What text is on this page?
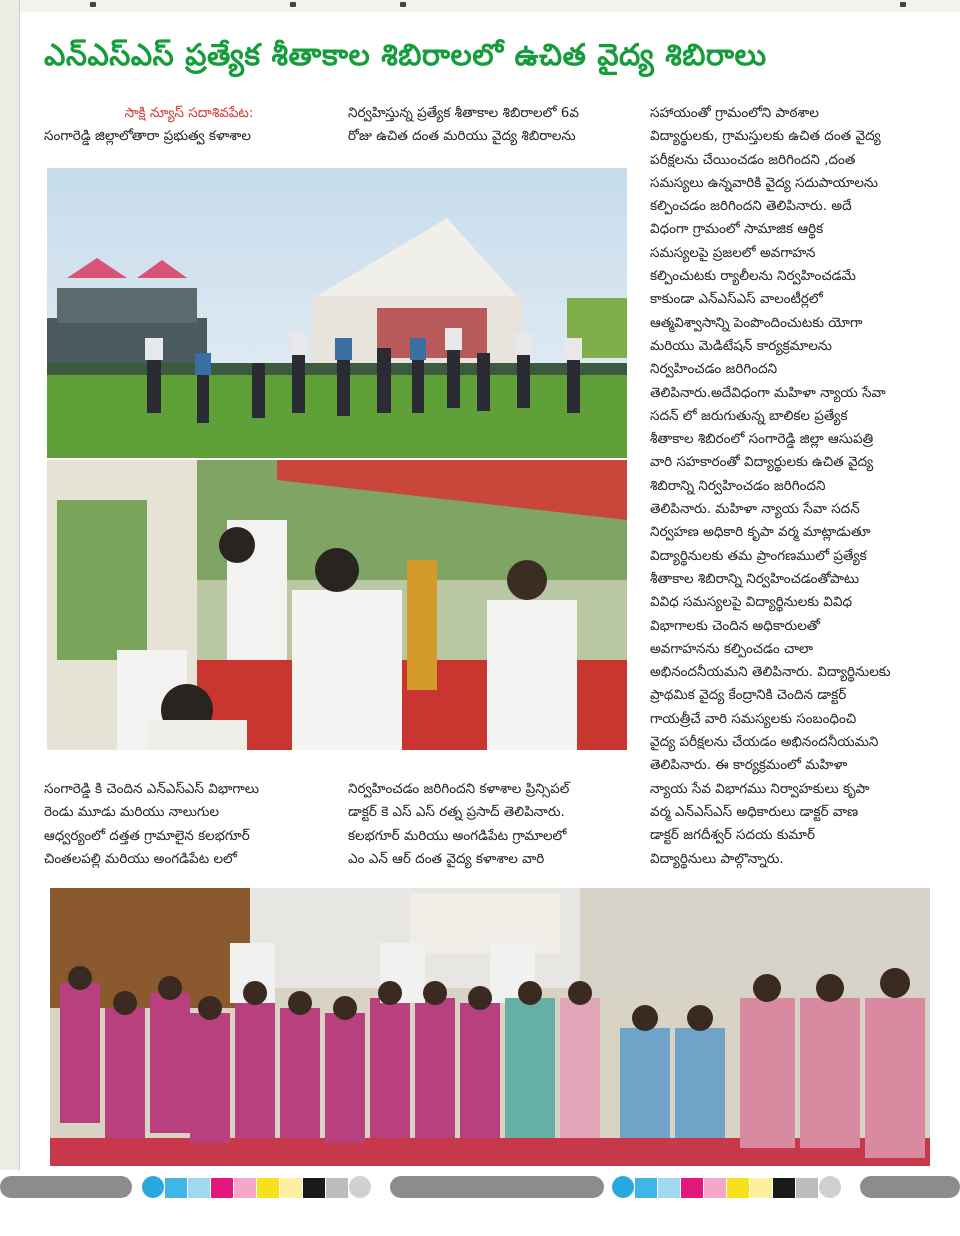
ఎన్ఎస్ఎస్ ప్రత్యేక శీతాకాల శిబిరాలలో ఉచిత వైద్య శిబిరాలు
సాక్షి న్యూస్ సదాశివపేట:

సంగారెడ్డి జిల్లాలోతారా ప్రభుత్వ కళాశాల

నిర్వహిస్తున్న ప్రత్యేక శీతాకాల శిబిరాలలో 6వ

రోజు ఉచిత దంత మరియు వైద్య శిబిరాలను

సహాయంతో గ్రామంలోని పాఠశాల

విద్యార్థులకు, గ్రామస్తులకు ఉచిత దంత వైద్య

పరీక్షలను చేయించడం జరిగిందని ,దంత

సమస్యలు ఉన్నవారికి వైద్య సదుపాయాలను

కల్పించడం జరిగిందని తెలిపినారు. అదే

విధంగా గ్రామంలో సామాజిక ఆర్థిక

సమస్యలపై ప్రజలలో అవగాహన

కల్పించుటకు ర్యాలీలను నిర్వహించడమే

కాకుండా ఎన్ఎస్ఎస్ వాలంటీర్లలో

ఆత్మవిశ్వాసాన్ని పెంపొందించుటకు యోగా

మరియు మెడిటేషన్ కార్యక్రమాలను

నిర్వహించడం జరిగిందని

తెలిపినారు.అదేవిధంగా మహిళా న్యాయ సేవా

సదన్ లో జరుగుతున్న బాలికల ప్రత్యేక

శీతాకాల శిబిరంలో సంగారెడ్డి జిల్లా ఆసుపత్రి

వారి సహకారంతో విద్యార్థులకు ఉచిత వైద్య

శిబిరాన్ని నిర్వహించడం జరిగిందని

తెలిపినారు. మహిళా న్యాయ సేవా సదన్

నిర్వహణ అధికారి కృపా వర్మ మాట్లాడుతూ

విద్యార్థినులకు తమ ప్రాంగణములో ప్రత్యేక

శీతాకాల శిబిరాన్ని నిర్వహించడంతోపాటు

వివిధ సమస్యలపై విద్యార్థినులకు వివిధ

విభాగాలకు చెందిన అధికారులతో

అవగాహనను కల్పించడం చాలా

అభినందనీయమని తెలిపినారు. విద్యార్థినులకు

ప్రాథమిక వైద్య కేంద్రానికి చెందిన డాక్టర్

గాయత్రీచే వారి సమస్యలకు సంబంధించి

వైద్య పరీక్షలను చేయడం అభినందనీయమని

తెలిపినారు. ఈ కార్యక్రమంలో మహిళా

న్యాయ సేవ విభాగము నిర్వాహకులు కృపా

వర్మ ఎన్ఎస్ఎస్ అధికారులు డాక్టర్ వాణ

డాక్టర్ జగదీశ్వర్ సదయ కుమార్

విద్యార్థినులు పాల్గొన్నారు.

సంగారెడ్డి కి చెందిన ఎన్ఎస్ఎస్ విభాగాలు

రెండు మూడు మరియు నాలుగుల

ఆధ్వర్యంలో దత్తత గ్రామాలైన కలభగూర్

చింతలపల్లి మరియు అంగడిపేట లలో

నిర్వహించడం జరిగిందని కళాశాల ప్రిన్సిపల్

డాక్టర్ కె ఎస్ ఎస్ రత్న ప్రసాద్ తెలిపినారు.

కలభగూర్ మరియు అంగడిపేట గ్రామాలలో

ఎం ఎన్ ఆర్ దంత వైద్య కళాశాల వారి
